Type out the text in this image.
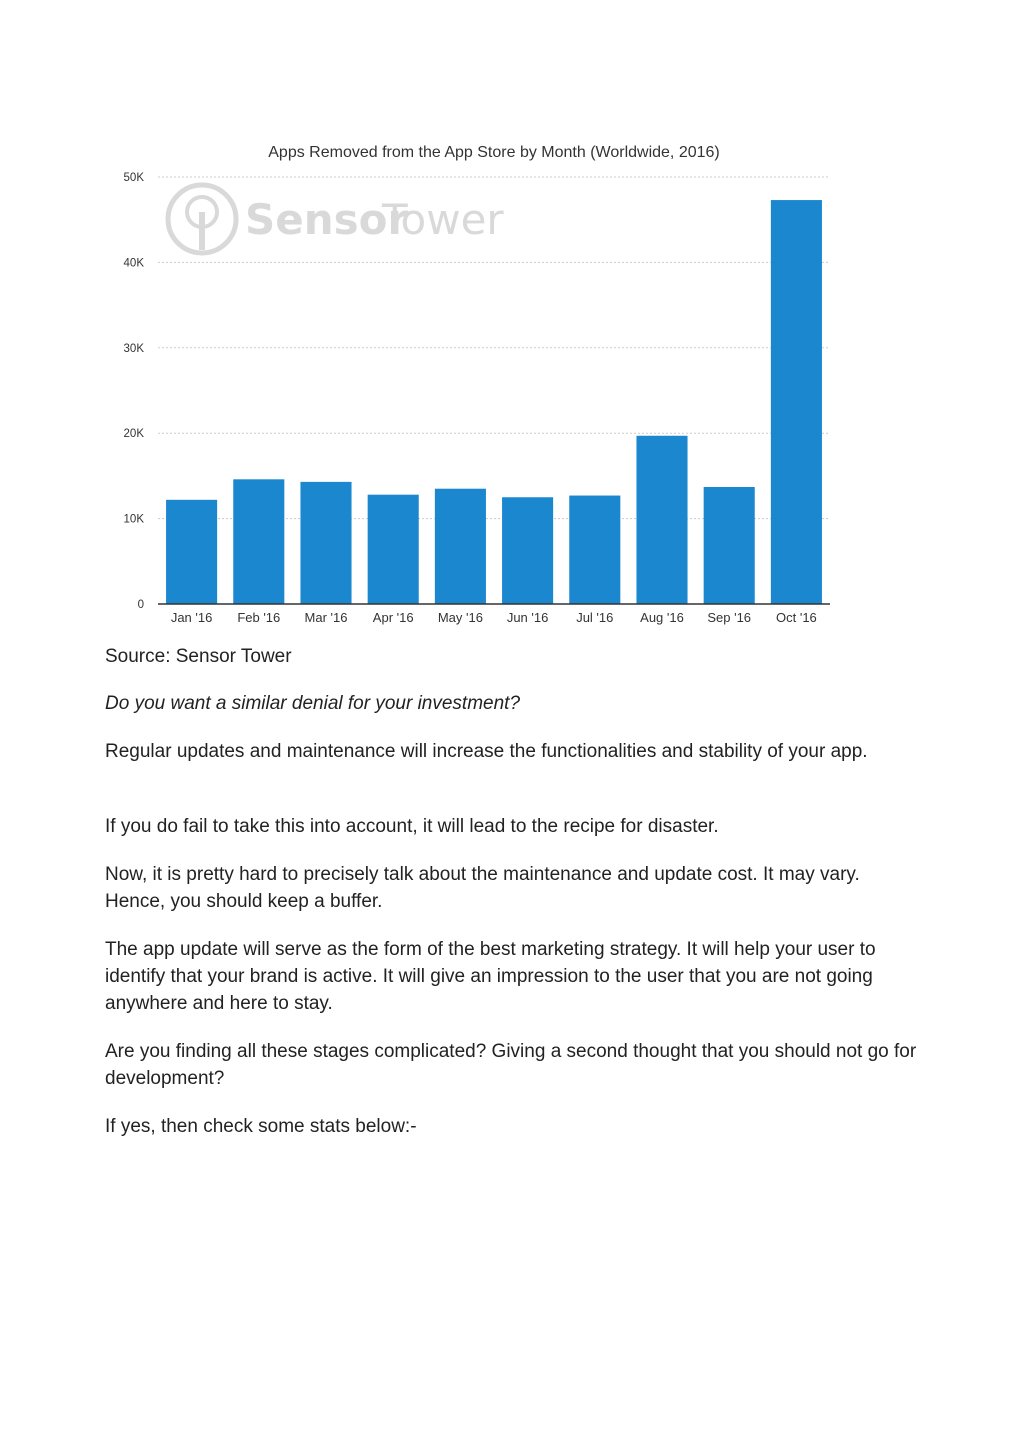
Sensor
Tower
Apps Removed from the App Store by Month (Worldwide, 2016)
0
10K
20K
30K
40K
50K
Jan '16 Feb '16 Mar '16 Apr '16 May '16 Jun '16 Jul '16 Aug '16 Sep '16 Oct '16

Source: Sensor Tower

Do you want a similar denial for your investment?

Regular updates and maintenance will increase the functionalities and stability of your app.

If you do fail to take this into account, it will lead to the recipe for disaster.

Now, it is pretty hard to precisely talk about the maintenance and update cost. It may vary. Hence, you should keep a buffer.

The app update will serve as the form of the best marketing strategy. It will help your user to identify that your brand is active. It will give an impression to the user that you are not going anywhere and here to stay.

Are you finding all these stages complicated? Giving a second thought that you should not go for development?

If yes, then check some stats below:-
